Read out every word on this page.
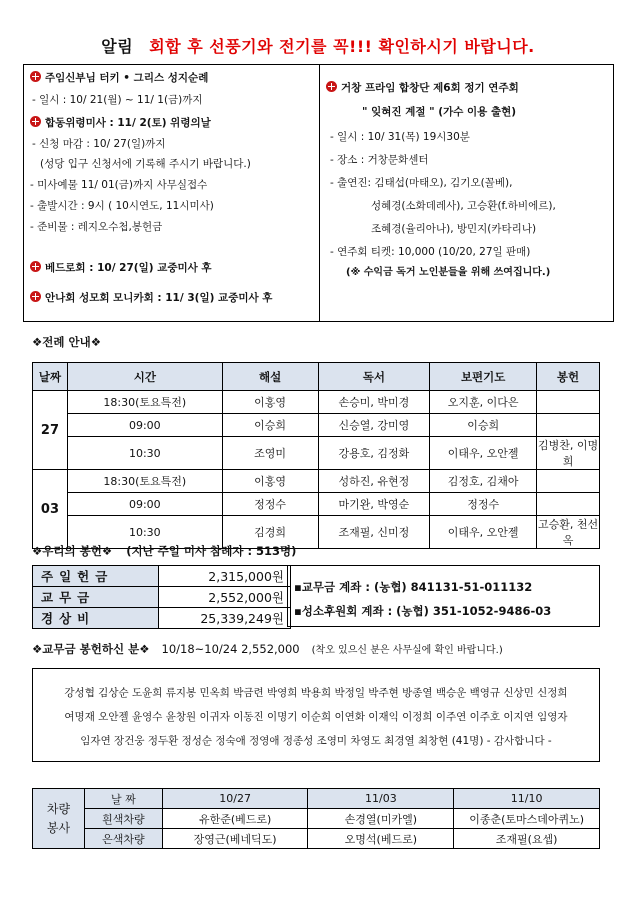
알림 회합 후 선풍기와 전기를 꼭!!! 확인하시기 바랍니다.
주임신부님 터키 • 그리스 성지순례
- 일시 : 10/ 21(월) ~ 11/ 1(금)까지
합동위령미사 : 11/ 2(토) 위령의날
- 신청 마감 : 10/ 27(일)까지
(성당 입구 신청서에 기록해 주시기 바랍니다.)
- 미사예물 11/ 01(금)까지 사무실접수
- 출발시간 : 9시 ( 10시연도, 11시미사)
- 준비물 : 레지오수첩,봉헌금
베드로회 : 10/ 27(일) 교중미사 후
안나회 성모회 모니카회 : 11/ 3(일) 교중미사 후
거창 프라임 합창단 제6회 정기 연주회
" 잊혀진 계절 " (가수 이용 출현)
- 일시 : 10/ 31(목) 19시30분
- 장소 : 거창문화센터
- 출연진: 김태섭(마태오), 김기오(꼴베),
성혜경(소화데레사), 고승환(f.하비에르),
조혜경(율리아나), 방민지(카타리나)
- 연주회 티켓: 10,000 (10/20, 27일 판매)
(※ 수익금 독거 노인분들을 위해 쓰여집니다.)
❖전례 안내❖
날짜	시간	해설	독서	보편기도	봉헌
27	18:30(토요특전)	이홍영	손승미, 박미경	오지훈, 이다은	
	09:00	이승희	신승열, 강미영	이승희	
	10:30	조영미	강용호, 김정화	이태우, 오안젤	김병찬, 이명희
03	18:30(토요특전)	이홍영	성하진, 유현정	김정호, 김채아	
	09:00	정정수	마기완, 박영순	정정수	
	10:30	김경희	조재필, 신미정	이태우, 오안젤	고승환, 천선옥
❖우리의 봉헌❖ (지난 주일 미사 참례자 : 513명)
주일헌금	2,315,000원
교무금	2,552,000원
경상비	25,339,249원
▪교무금 계좌 : (농협) 841131-51-011132
▪성소후원회 계좌 : (농협) 351-1052-9486-03
❖교무금 봉헌하신 분❖ 10/18~10/24 2,552,000 (착오 있으신 분은 사무실에 확인 바랍니다.)
강성협 김상순 도윤희 류지봉 민옥희 박금련 박영희 박용희 박정일 박주현 방종열 백승운 백영규 신상민 신정희
여명재 오안젤 윤영수 윤창원 이귀자 이동진 이명기 이순희 이연화 이재익 이정희 이주연 이주호 이지연 임영자
임자연 장건웅 정두환 정성순 정숙애 정영애 정종성 조영미 차영도 최경열 최창현 (41명) - 감사합니다 -
차량
봉사	날 짜	10/27	11/03	11/10
	흰색차량	유한준(베드로)	손경열(미카엘)	이종춘(토마스데아퀴노)
	은색차량	장영근(베네딕도)	오명석(베드로)	조재필(요셉)
